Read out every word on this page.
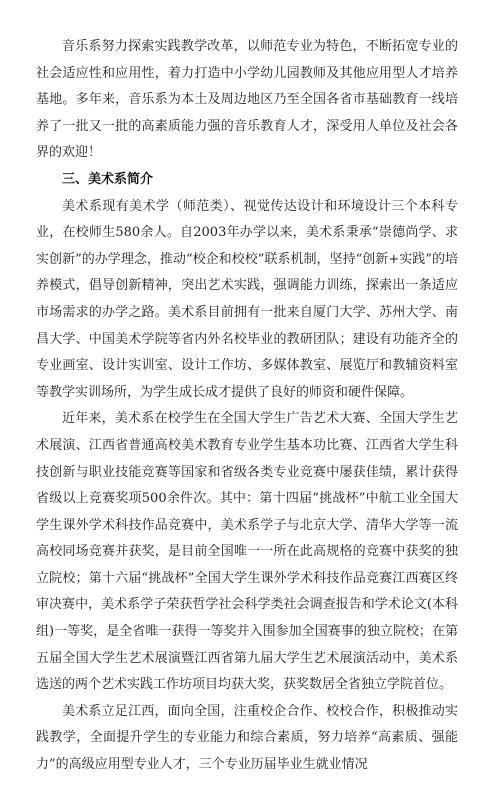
音乐系努力探索实践教学改革，以师范专业为特色，不断拓宽专业的社会适应性和应用性，着力打造中小学幼儿园教师及其他应用型人才培养基地。多年来，音乐系为本土及周边地区乃至全国各省市基础教育一线培养了一批又一批的高素质能力强的音乐教育人才，深受用人单位及社会各界的欢迎！

三、美术系简介

美术系现有美术学（师范类）、视觉传达设计和环境设计三个本科专业，在校师生580余人。自2003年办学以来，美术系秉承“崇德尚学、求实创新”的办学理念，推动“校企和校校”联系机制，坚持“创新+实践”的培养模式，倡导创新精神，突出艺术实践，强调能力训练，探索出一条适应市场需求的办学之路。美术系目前拥有一批来自厦门大学、苏州大学、南昌大学、中国美术学院等省内外名校毕业的教研团队；建设有功能齐全的专业画室、设计实训室、设计工作坊、多媒体教室、展览厅和教辅资料室等教学实训场所，为学生成长成才提供了良好的师资和硬件保障。

近年来，美术系在校学生在全国大学生广告艺术大赛、全国大学生艺术展演、江西省普通高校美术教育专业学生基本功比赛、江西省大学生科技创新与职业技能竞赛等国家和省级各类专业竞赛中屡获佳绩，累计获得省级以上竞赛奖项500余件次。其中：第十四届“挑战杯”中航工业全国大学生课外学术科技作品竞赛中，美术系学子与北京大学、清华大学等一流高校同场竞赛并获奖，是目前全国唯一一所在此高规格的竞赛中获奖的独立院校；第十六届“挑战杯”全国大学生课外学术科技作品竞赛江西赛区终审决赛中，美术系学子荣获哲学社会科学类社会调查报告和学术论文(本科组)一等奖，是全省唯一获得一等奖并入围参加全国赛事的独立院校；在第五届全国大学生艺术展演暨江西省第九届大学生艺术展演活动中，美术系选送的两个艺术实践工作坊项目均获大奖，获奖数居全省独立学院首位。

美术系立足江西，面向全国，注重校企合作、校校合作，积极推动实践教学，全面提升学生的专业能力和综合素质，努力培养“高素质、强能力”的高级应用型专业人才，三个专业历届毕业生就业情况
